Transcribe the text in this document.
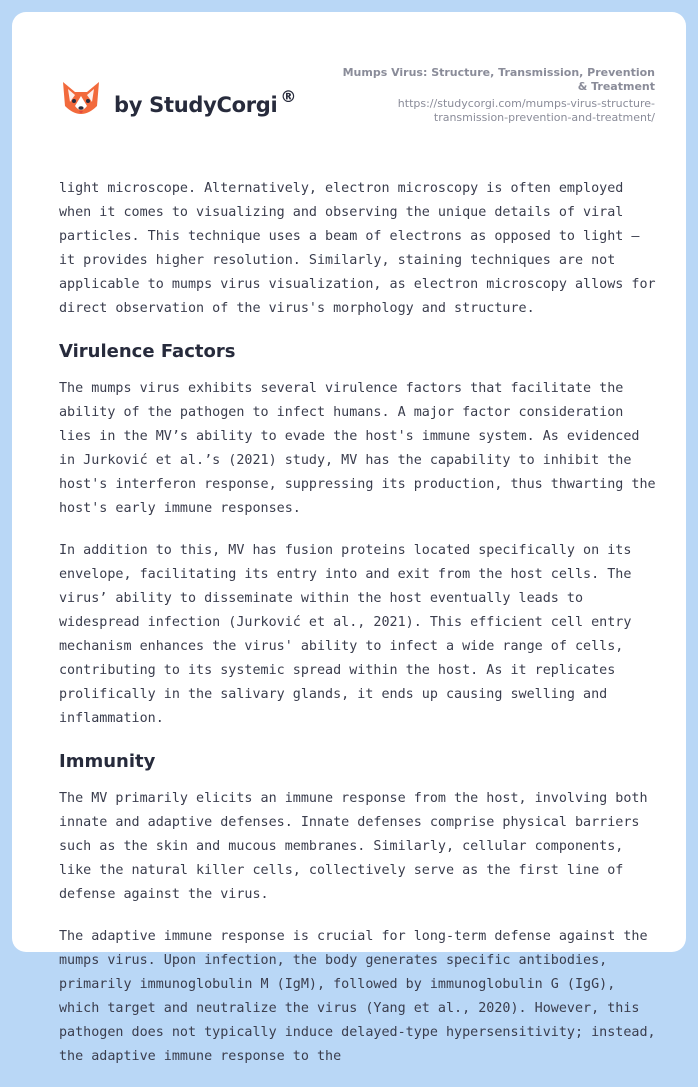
by StudyCorgi ®
Mumps Virus: Structure, Transmission, Prevention & Treatment
https://studycorgi.com/mumps-virus-structure-transmission-prevention-and-treatment/

light microscope. Alternatively, electron microscopy is often employed when it comes to visualizing and observing the unique details of viral particles. This technique uses a beam of electrons as opposed to light – it provides higher resolution. Similarly, staining techniques are not applicable to mumps virus visualization, as electron microscopy allows for direct observation of the virus's morphology and structure.

Virulence Factors

The mumps virus exhibits several virulence factors that facilitate the ability of the pathogen to infect humans. A major factor consideration lies in the MV’s ability to evade the host's immune system. As evidenced in Jurković et al.’s (2021) study, MV has the capability to inhibit the host's interferon response, suppressing its production, thus thwarting the host's early immune responses.

In addition to this, MV has fusion proteins located specifically on its envelope, facilitating its entry into and exit from the host cells. The virus’ ability to disseminate within the host eventually leads to widespread infection (Jurković et al., 2021). This efficient cell entry mechanism enhances the virus' ability to infect a wide range of cells, contributing to its systemic spread within the host. As it replicates prolifically in the salivary glands, it ends up causing swelling and inflammation.

Immunity

The MV primarily elicits an immune response from the host, involving both innate and adaptive defenses. Innate defenses comprise physical barriers such as the skin and mucous membranes. Similarly, cellular components, like the natural killer cells, collectively serve as the first line of defense against the virus.

The adaptive immune response is crucial for long-term defense against the mumps virus. Upon infection, the body generates specific antibodies, primarily immunoglobulin M (IgM), followed by immunoglobulin G (IgG), which target and neutralize the virus (Yang et al., 2020). However, this pathogen does not typically induce delayed-type hypersensitivity; instead, the adaptive immune response to the
